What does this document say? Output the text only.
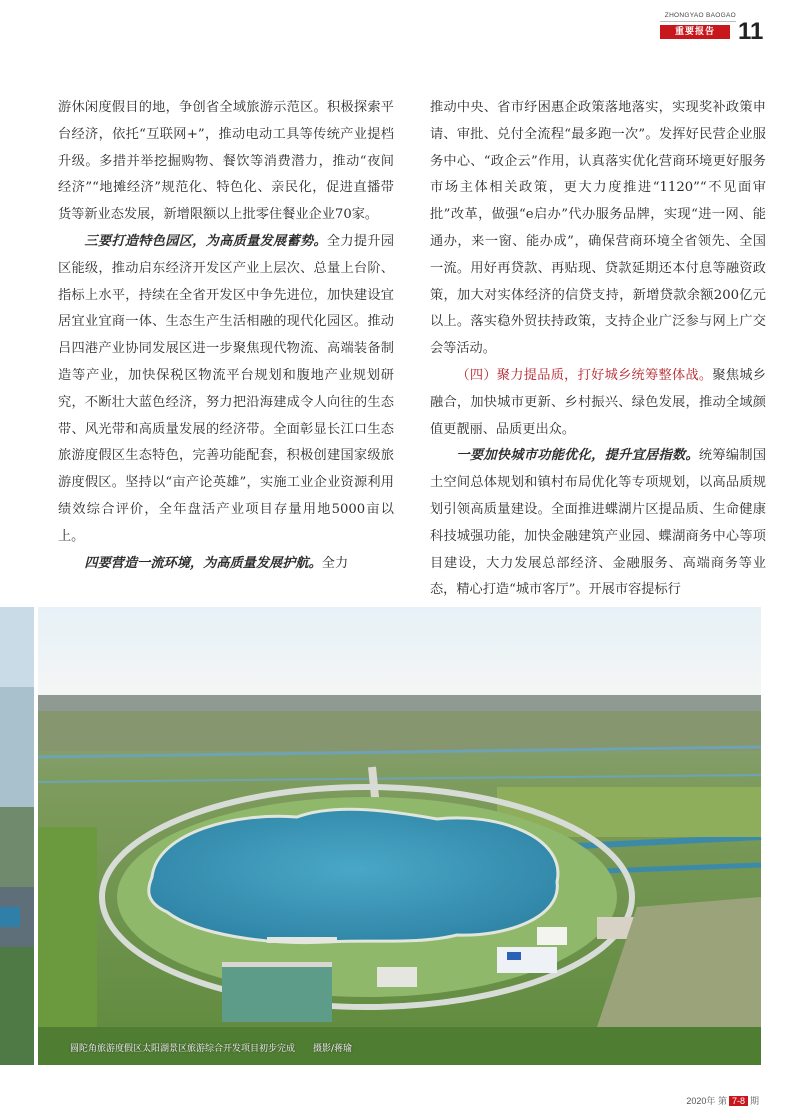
ZHONGYAO BAOGAO
重要报告 11

游休闲度假目的地，争创省全域旅游示范区。积极探索平台经济，依托“互联网+”，推动电动工具等传统产业提档升级。多措并举挖掘购物、餐饮等消费潜力，推动“夜间经济”“地摊经济”规范化、特色化、亲民化，促进直播带货等新业态发展，新增限额以上批零住餐业企业70家。

三要打造特色园区，为高质量发展蓄势。全力提升园区能级，推动启东经济开发区产业上层次、总量上台阶、指标上水平，持续在全省开发区中争先进位，加快建设宜居宜业宜商一体、生态生产生活相融的现代化园区。推动吕四港产业协同发展区进一步聚焦现代物流、高端装备制造等产业，加快保税区物流平台规划和腹地产业规划研究，不断壮大蓝色经济，努力把沿海建成令人向往的生态带、风光带和高质量发展的经济带。全面彰显长江口生态旅游度假区生态特色，完善功能配套，积极创建国家级旅游度假区。坚持以“亩产论英雄”，实施工业企业资源利用绩效综合评价，全年盘活产业项目存量用地5000亩以上。

四要营造一流环境，为高质量发展护航。全力

推动中央、省市纾困惠企政策落地落实，实现奖补政策申请、审批、兑付全流程“最多跑一次”。发挥好民营企业服务中心、“政企云”作用，认真落实优化营商环境更好服务市场主体相关政策，更大力度推进“1120”“不见面审批”改革，做强“e启办”代办服务品牌，实现“进一网、能通办，来一窗、能办成”，确保营商环境全省领先、全国一流。用好再贷款、再贴现、贷款延期还本付息等融资政策，加大对实体经济的信贷支持，新增贷款余额200亿元以上。落实稳外贸扶持政策，支持企业广泛参与网上广交会等活动。

（四）聚力提品质，打好城乡统筹整体战。聚焦城乡融合，加快城市更新、乡村振兴、绿色发展，推动全域颜值更靓丽、品质更出众。

一要加快城市功能优化，提升宜居指数。统筹编制国土空间总体规划和镇村布局优化等专项规划，以高品质规划引领高质量建设。全面推进蝶湖片区提品质、生命健康科技城强功能，加快金融建筑产业园、蝶湖商务中心等项目建设，大力发展总部经济、金融服务、高端商务等业态，精心打造“城市客厅”。开展市容提标行

圆陀角旅游度假区太阳湖景区旅游综合开发项目初步完成　　摄影/蒋瑜
2020年 第 7-8 期
